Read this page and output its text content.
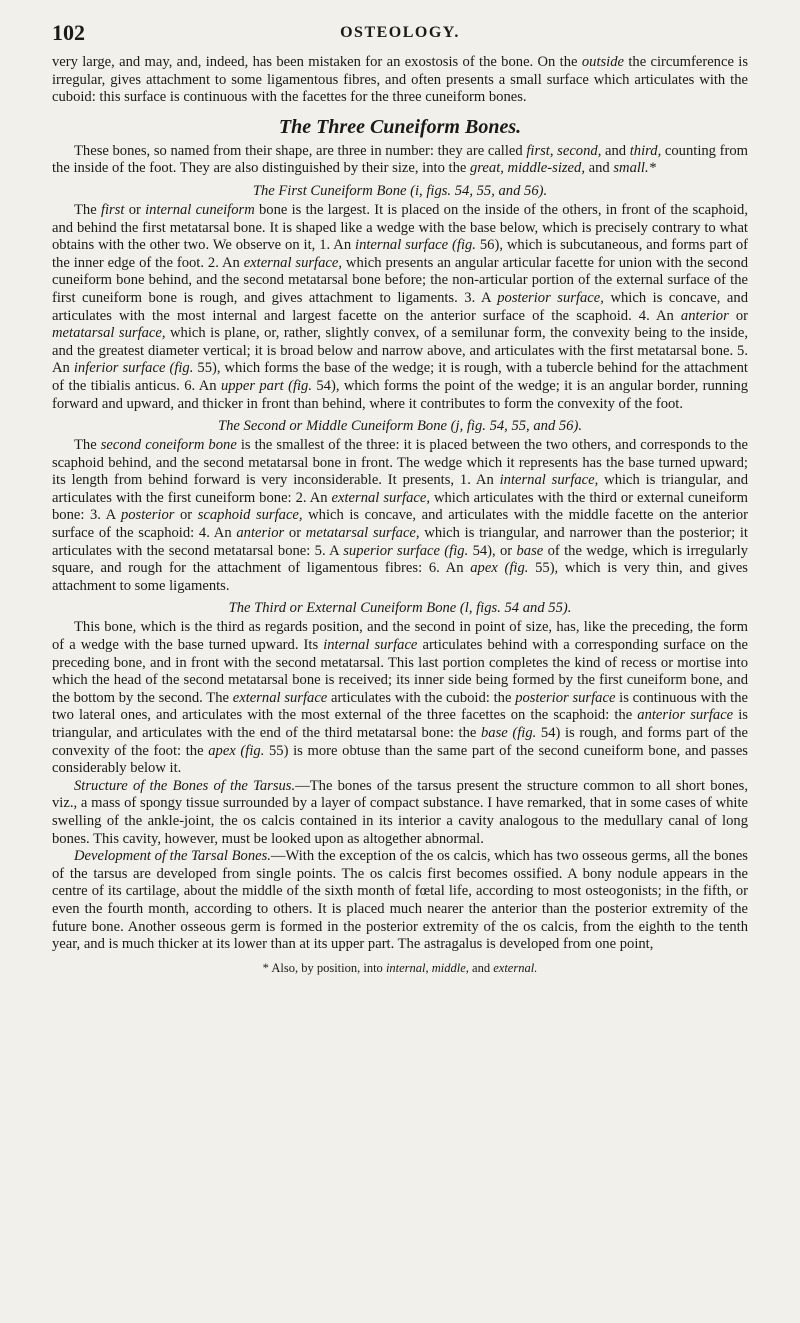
102	OSTEOLOGY.

very large, and may, and, indeed, has been mistaken for an exostosis of the bone. On the outside the circumference is irregular, gives attachment to some ligamentous fibres, and often presents a small surface which articulates with the cuboid: this surface is continuous with the facettes for the three cuneiform bones.

The Three Cuneiform Bones.

These bones, so named from their shape, are three in number: they are called first, second, and third, counting from the inside of the foot. They are also distinguished by their size, into the great, middle-sized, and small.*

The First Cuneiform Bone (i, figs. 54, 55, and 56).

The first or internal cuneiform bone is the largest. It is placed on the inside of the others, in front of the scaphoid, and behind the first metatarsal bone. It is shaped like a wedge with the base below, which is precisely contrary to what obtains with the other two. We observe on it, 1. An internal surface (fig. 56), which is subcutaneous, and forms part of the inner edge of the foot. 2. An external surface, which presents an angular articular facette for union with the second cuneiform bone behind, and the second metatarsal bone before; the non-articular portion of the external surface of the first cuneiform bone is rough, and gives attachment to ligaments. 3. A posterior surface, which is concave, and articulates with the most internal and largest facette on the anterior surface of the scaphoid. 4. An anterior or metatarsal surface, which is plane, or, rather, slightly convex, of a semilunar form, the convexity being to the inside, and the greatest diameter vertical; it is broad below and narrow above, and articulates with the first metatarsal bone. 5. An inferior surface (fig. 55), which forms the base of the wedge; it is rough, with a tubercle behind for the attachment of the tibialis anticus. 6. An upper part (fig. 54), which forms the point of the wedge; it is an angular border, running forward and upward, and thicker in front than behind, where it contributes to form the convexity of the foot.

The Second or Middle Cuneiform Bone (j, fig. 54, 55, and 56).

The second coneiform bone is the smallest of the three: it is placed between the two others, and corresponds to the scaphoid behind, and the second metatarsal bone in front. The wedge which it represents has the base turned upward; its length from behind forward is very inconsiderable. It presents, 1. An internal surface, which is triangular, and articulates with the first cuneiform bone: 2. An external surface, which articulates with the third or external cuneiform bone: 3. A posterior or scaphoid surface, which is concave, and articulates with the middle facette on the anterior surface of the scaphoid: 4. An anterior or metatarsal surface, which is triangular, and narrower than the posterior; it articulates with the second metatarsal bone: 5. A superior surface (fig. 54), or base of the wedge, which is irregularly square, and rough for the attachment of ligamentous fibres: 6. An apex (fig. 55), which is very thin, and gives attachment to some ligaments.

The Third or External Cuneiform Bone (l, figs. 54 and 55).

This bone, which is the third as regards position, and the second in point of size, has, like the preceding, the form of a wedge with the base turned upward. Its internal surface articulates behind with a corresponding surface on the preceding bone, and in front with the second metatarsal. This last portion completes the kind of recess or mortise into which the head of the second metatarsal bone is received; its inner side being formed by the first cuneiform bone, and the bottom by the second. The external surface articulates with the cuboid: the posterior surface is continuous with the two lateral ones, and articulates with the most external of the three facettes on the scaphoid: the anterior surface is triangular, and articulates with the end of the third metatarsal bone: the base (fig. 54) is rough, and forms part of the convexity of the foot: the apex (fig. 55) is more obtuse than the same part of the second cuneiform bone, and passes considerably below it.

Structure of the Bones of the Tarsus.—The bones of the tarsus present the structure common to all short bones, viz., a mass of spongy tissue surrounded by a layer of compact substance. I have remarked, that in some cases of white swelling of the ankle-joint, the os calcis contained in its interior a cavity analogous to the medullary canal of long bones. This cavity, however, must be looked upon as altogether abnormal.

Development of the Tarsal Bones.—With the exception of the os calcis, which has two osseous germs, all the bones of the tarsus are developed from single points. The os calcis first becomes ossified. A bony nodule appears in the centre of its cartilage, about the middle of the sixth month of fœtal life, according to most osteogonists; in the fifth, or even the fourth month, according to others. It is placed much nearer the anterior than the posterior extremity of the future bone. Another osseous germ is formed in the posterior extremity of the os calcis, from the eighth to the tenth year, and is much thicker at its lower than at its upper part. The astragalus is developed from one point,

* Also, by position, into internal, middle, and external.
